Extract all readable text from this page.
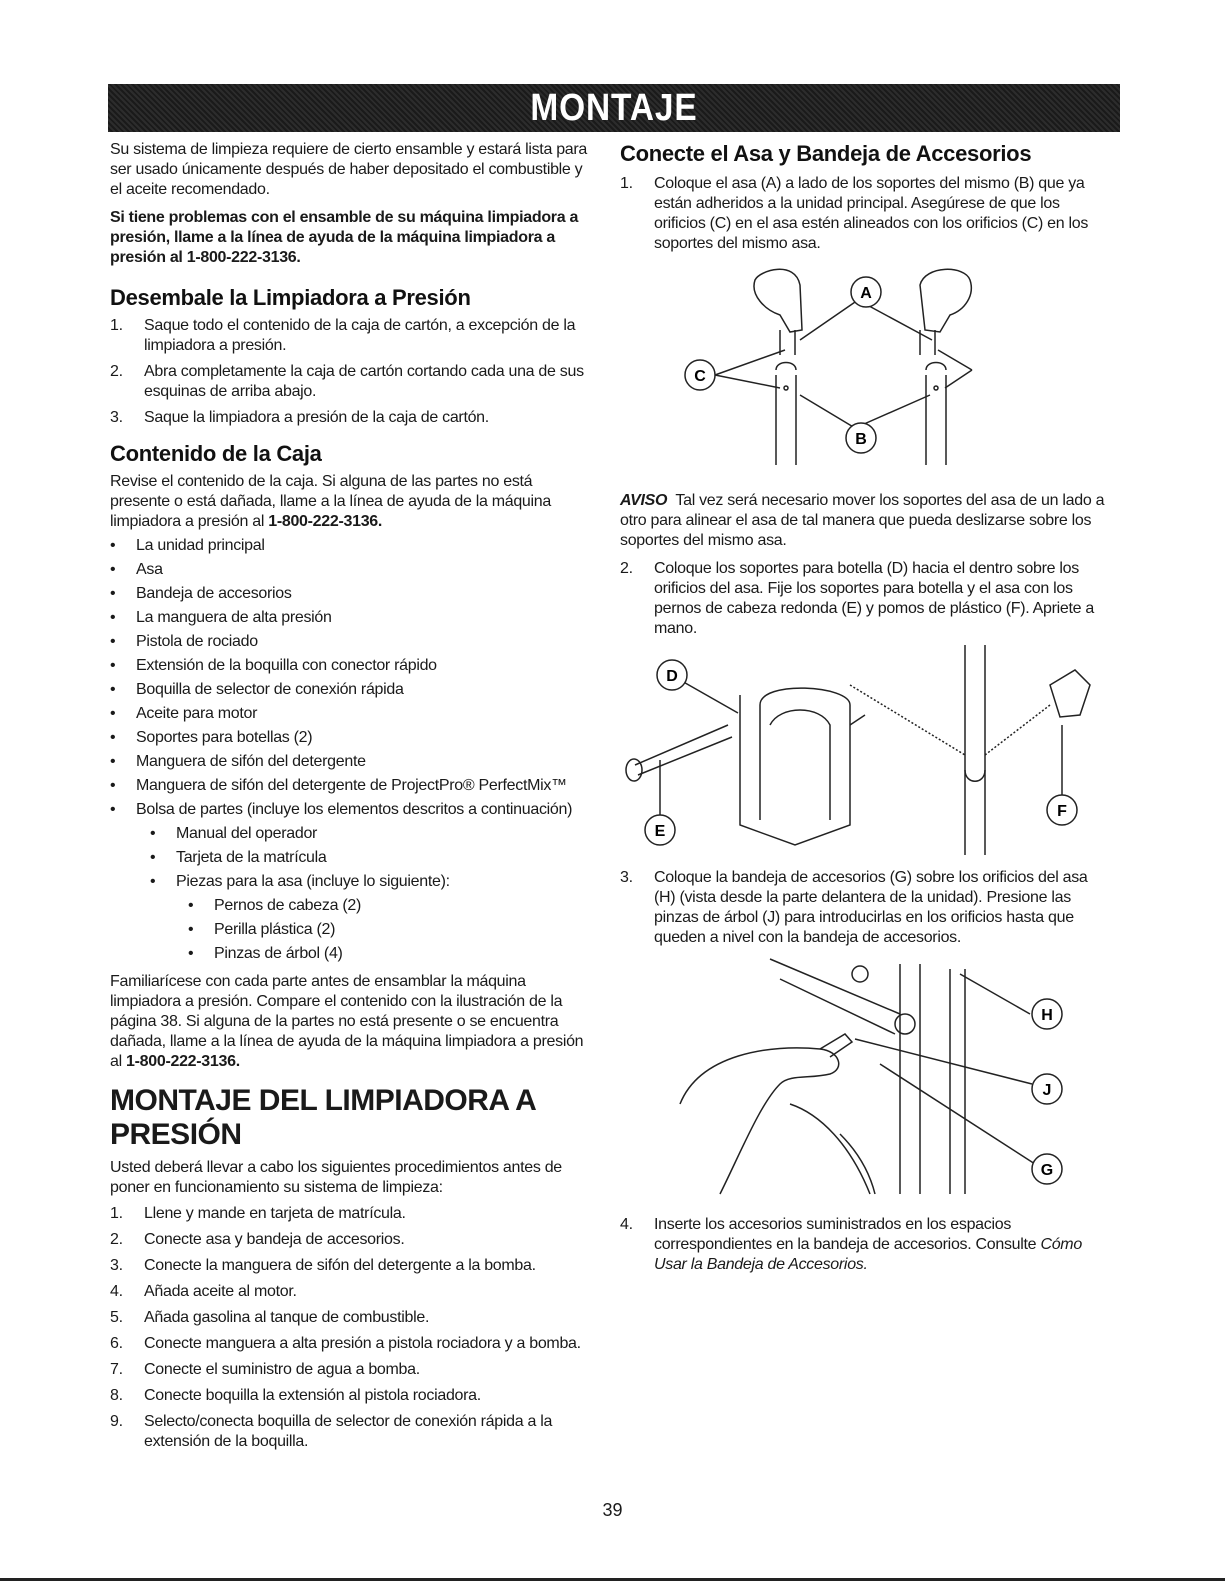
MONTAJE

Su sistema de limpieza requiere de cierto ensamble y estará lista para ser usado únicamente después de haber depositado el combustible y el aceite recomendado.

Si tiene problemas con el ensamble de su máquina limpiadora a presión, llame a la línea de ayuda de la máquina limpiadora a presión al 1-800-222-3136.

Desembale la Limpiadora a Presión
1.	Saque todo el contenido de la caja de cartón, a excepción de la limpiadora a presión.
2.	Abra completamente la caja de cartón cortando cada una de sus esquinas de arriba abajo.
3.	Saque la limpiadora a presión de la caja de cartón.
Contenido de la Caja

Revise el contenido de la caja. Si alguna de las partes no está presente o está dañada, llame a la línea de ayuda de la máquina limpiadora a presión al 1-800-222-3136.

•	La unidad principal
•	Asa
•	Bandeja de accesorios
•	La manguera de alta presión
•	Pistola de rociado
•	Extensión de la boquilla con conector rápido
•	Boquilla de selector de conexión rápida
•	Aceite para motor
•	Soportes para botellas (2)
•	Manguera de sifón del detergente
•	Manguera de sifón del detergente de ProjectPro® PerfectMix™
•	Bolsa de partes (incluye los elementos descritos a continuación)
•	Manual del operador
•	Tarjeta de la matrícula
•	Piezas para la asa (incluye lo siguiente):
•	Pernos de cabeza (2)
•	Perilla plástica (2)
•	Pinzas de árbol (4)

Familiarícese con cada parte antes de ensamblar la máquina limpiadora a presión. Compare el contenido con la ilustración de la página 38. Si alguna de la partes no está presente o se encuentra dañada, llame a la línea de ayuda de la máquina limpiadora a presión al 1-800-222-3136.

MONTAJE DEL LIMPIADORA A PRESIÓN

Usted deberá llevar a cabo los siguientes procedimientos antes de poner en funcionamiento su sistema de limpieza:

1.	Llene y mande en tarjeta de matrícula.
2.	Conecte asa y bandeja de accesorios.
3.	Conecte la manguera de sifón del detergente a la bomba.
4.	Añada aceite al motor.
5.	Añada gasolina al tanque de combustible.
6.	Conecte manguera a alta presión a pistola rociadora y a bomba.
7.	Conecte el suministro de agua a bomba.
8.	Conecte boquilla la extensión al pistola rociadora.
9.	Selecto/conecta boquilla de selector de conexión rápida a la extensión de la boquilla.
Conecte el Asa y Bandeja de Accesorios
1.	Coloque el asa (A) a lado de los soportes del mismo (B) que ya están adheridos a la unidad principal. Asegúrese de que los orificios (C) en el asa estén alineados con los orificios (C) en los soportes del mismo asa.
A
C
B

AVISO Tal vez será necesario mover los soportes del asa de un lado a otro para alinear el asa de tal manera que pueda deslizarse sobre los soportes del mismo asa.

2.	Coloque los soportes para botella (D) hacia el dentro sobre los orificios del asa. Fije los soportes para botella y el asa con los pernos de cabeza redonda (E) y pomos de plástico (F). Apriete a mano.
D
E
F
3.	Coloque la bandeja de accesorios (G) sobre los orificios del asa (H) (vista desde la parte delantera de la unidad). Presione las pinzas de árbol (J) para introducirlas en los orificios hasta que queden a nivel con la bandeja de accesorios.
H
J
G
4.	Inserte los accesorios suministrados en los espacios correspondientes en la bandeja de accesorios. Consulte Cómo Usar la Bandeja de Accesorios.
39
